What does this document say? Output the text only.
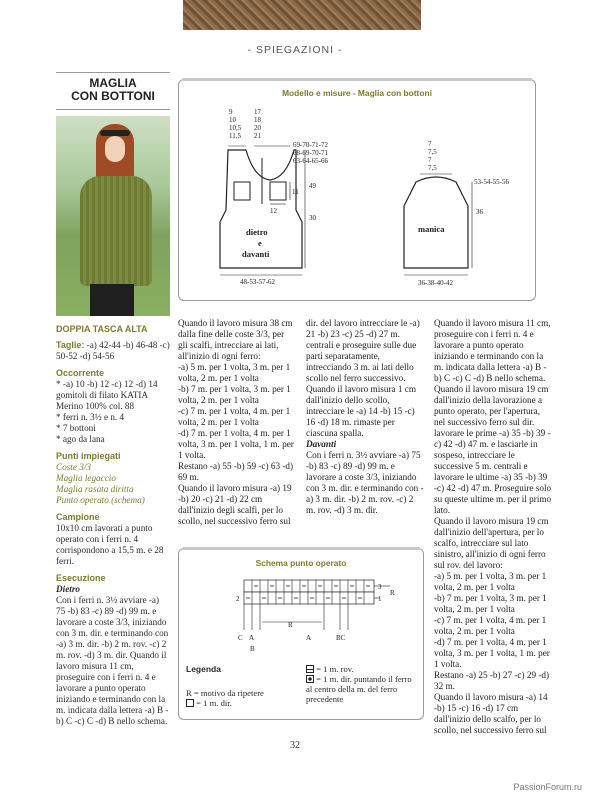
- SPIEGAZIONI -
MAGLIA
CON BOTTONI
DOPPIA TASCA ALTA

Taglie: -a) 42-44 -b) 46-48 -c) 50-52 -d) 54-56

Occorrente

* -a) 10 -b) 12 -c) 12 -d) 14 gomitoli di filato KATIA Merino 100% col. 88

* ferri n. 3½ e n. 4

* 7 bottoni

* ago da lana

Punti impiegati

Coste 3/3

Maglia legaccio

Maglia rasata diritta

Punto operato (schema)

Campione

10x10 cm lavorati a punto operato con i ferri n. 4 corrispondono a 15,5 m. e 28 ferri.

Esecuzione

Dietro

Con i ferri n. 3½ avviare -a) 75 -b) 83 -c) 89 -d) 99 m. e lavorare a coste 3/3, iniziando con 3 m. dir. e terminando con -a) 3 m. dir. -b) 2 m. rov. -c) 2 m. rov. -d) 3 m. dir. Quando il lavoro misura 11 cm, proseguire con i ferri n. 4 e lavorare a punto operato iniziando e terminando con la m. indicata dalla lettera -a) B -b) C -c) C -d) B nello schema.

Modello e misure - Maglia con bottoni
9
10
10,5
11,5
17
18
20
21
69-70-71-72
68-69-70-71
63-64-65-66
49
30
11
12
dietro
e
davanti
48-53-57-62
7
7,5
7
7,5
53-54-55-56
36
manica
36-38-40-42

Quando il lavoro misura 38 cm dalla fine delle coste 3/3, per gli scalfi, intrecciare ai lati, all'inizio di ogni ferro:

-a) 5 m. per 1 volta, 3 m. per 1 volta, 2 m. per 1 volta

-b) 7 m. per 1 volta, 3 m. per 1 volta, 2 m. per 1 volta

-c) 7 m. per 1 volta, 4 m. per 1 volta, 2 m. per 1 volta

-d) 7 m. per 1 volta, 4 m. per 1 volta, 3 m. per 1 volta, 1 m. per 1 volta.

Restano -a) 55 -b) 59 -c) 63 -d) 69 m.

Quando il lavoro misura -a) 19 -b) 20 -c) 21 -d) 22 cm dall'inizio degli scalfi, per lo scollo, nel successivo ferro sul

dir. del lavoro intrecciare le -a) 21 -b) 23 -c) 25 -d) 27 m. centrali e proseguire sulle due parti separatamente, intrecciando 3 m. ai lati dello scollo nel ferro successivo.

Quando il lavoro misura 1 cm dall'inizio dello scollo, intrecciare le -a) 14 -b) 15 -c) 16 -d) 18 m. rimaste per ciascuna spalla.

Davanti

Con i ferri n. 3½ avviare -a) 75 -b) 83 -c) 89 -d) 99 m. e lavorare a coste 3/3, iniziando con 3 m. dir. e terminando con -a) 3 m. dir. -b) 2 m. rov. -c) 2 m. rov. -d) 3 m. dir.

Quando il lavoro misura 11 cm, proseguire con i ferri n. 4 e lavorare a punto operato iniziando e terminando con la m. indicata dalla lettera -a) B -b) C -c) C -d) B nello schema.

Quando il lavoro misura 19 cm dall'inizio della lavorazione a punto operato, per l'apertura, nel successivo ferro sul dir. lavorare le prime -a) 35 -b) 39 -c) 42 -d) 47 m. e lasciarle in sospeso, intrecciare le successive 5 m. centrali e lavorare le ultime -a) 35 -b) 39 -c) 42 -d) 47 m. Proseguire solo su queste ultime m. per il primo lato.

Quando il lavoro misura 19 cm dall'inizio dell'apertura, per lo scalfo, intrecciare sul lato sinistro, all'inizio di ogni ferro sul rov. del lavoro:

-a) 5 m. per 1 volta, 3 m. per 1 volta, 2 m. per 1 volta

-b) 7 m. per 1 volta, 3 m. per 1 volta, 2 m. per 1 volta

-c) 7 m. per 1 volta, 4 m. per 1 volta, 2 m. per 1 volta

-d) 7 m. per 1 volta, 4 m. per 1 volta, 3 m. per 1 volta, 1 m. per 1 volta.

Restano -a) 25 -b) 27 -c) 29 -d) 32 m.

Quando il lavoro misura -a) 14 -b) 15 -c) 16 -d) 17 cm dall'inizio dello scalfo, per lo scollo, nel successivo ferro sul

Schema punto operato
2	1
3
R
C A
B
R
A	BC
Legenda
R = motivo da ripetere
= 1 m. dir.
= 1 m. rov.
= 1 m. dir. puntando il ferro al centro della m. del ferro precedente
32
PassionForum.ru
